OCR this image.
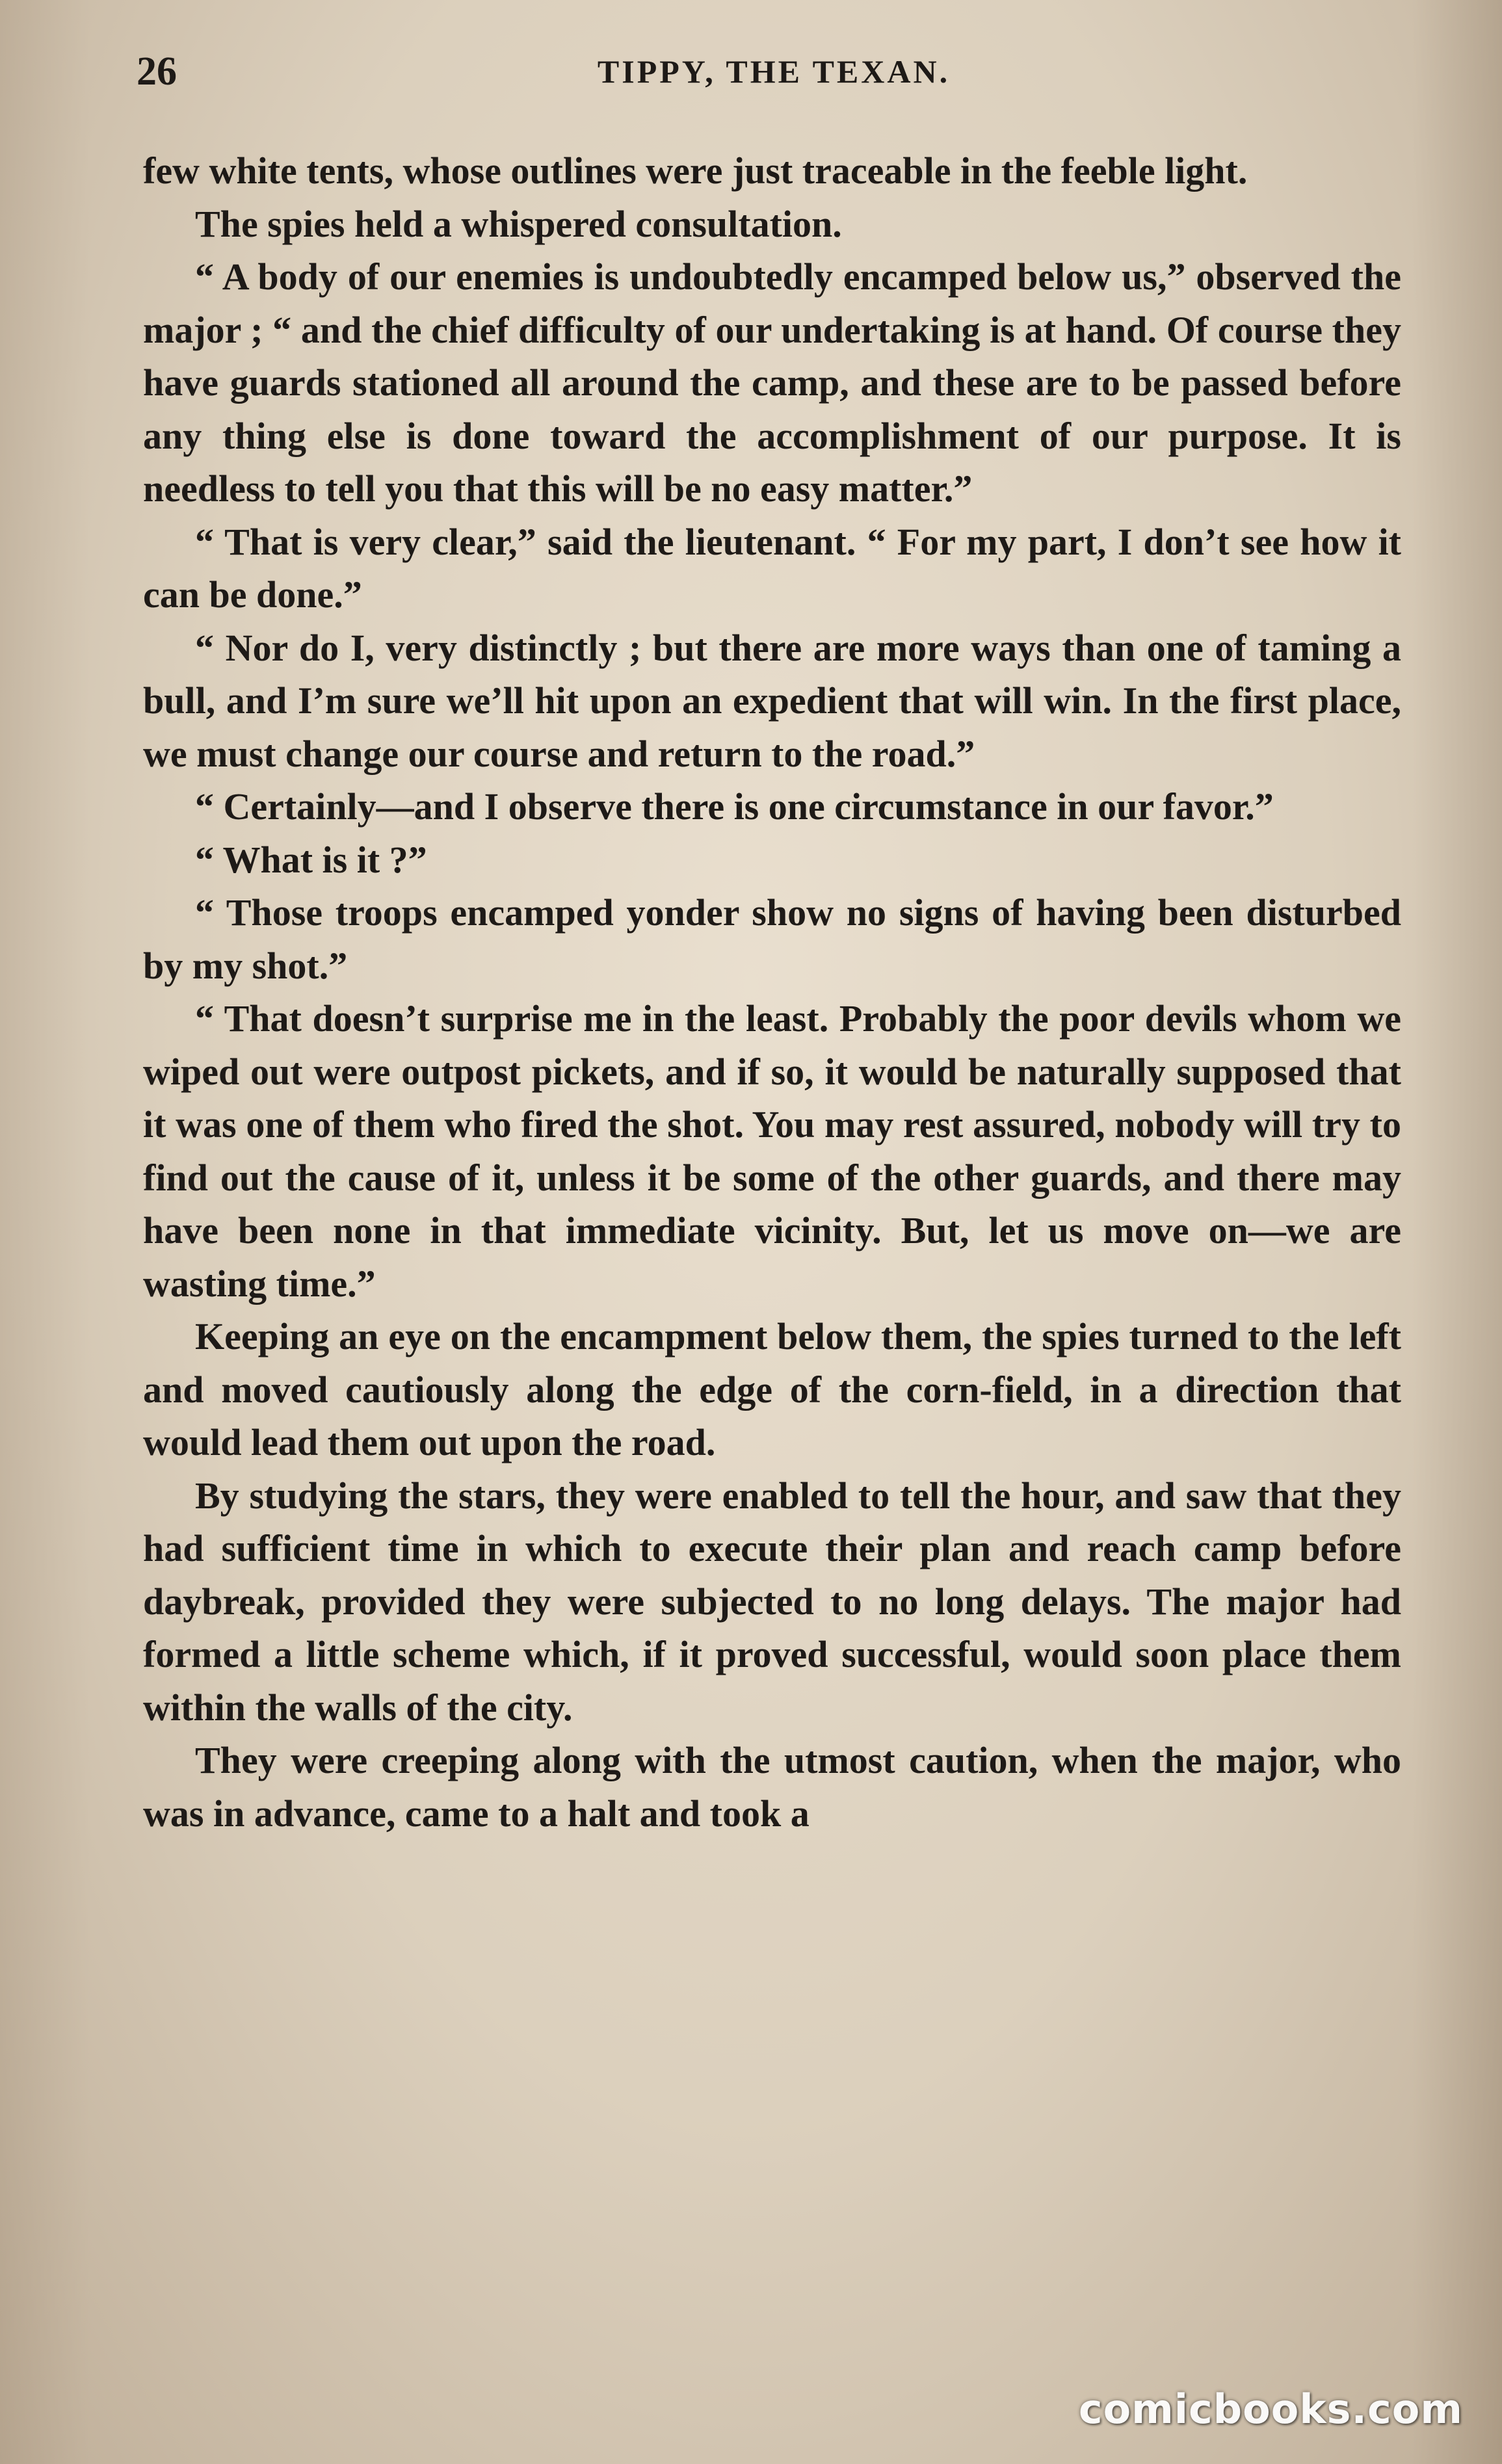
26	TIPPY, THE TEXAN.

few white tents, whose outlines were just traceable in the feeble light.

The spies held a whispered consultation.

“ A body of our enemies is undoubtedly encamped below us,” observed the major ; “ and the chief difficulty of our undertaking is at hand. Of course they have guards stationed all around the camp, and these are to be passed before any thing else is done toward the accomplishment of our purpose. It is needless to tell you that this will be no easy matter.”

“ That is very clear,” said the lieutenant. “ For my part, I don’t see how it can be done.”

“ Nor do I, very distinctly ; but there are more ways than one of taming a bull, and I’m sure we’ll hit upon an expedient that will win. In the first place, we must change our course and return to the road.”

“ Certainly—and I observe there is one circumstance in our favor.”

“ What is it ?”

“ Those troops encamped yonder show no signs of having been disturbed by my shot.”

“ That doesn’t surprise me in the least. Probably the poor devils whom we wiped out were outpost pickets, and if so, it would be naturally supposed that it was one of them who fired the shot. You may rest assured, nobody will try to find out the cause of it, unless it be some of the other guards, and there may have been none in that immediate vicinity. But, let us move on—we are wasting time.”

Keeping an eye on the encampment below them, the spies turned to the left and moved cautiously along the edge of the corn-field, in a direction that would lead them out upon the road.

By studying the stars, they were enabled to tell the hour, and saw that they had sufficient time in which to execute their plan and reach camp before daybreak, provided they were subjected to no long delays. The major had formed a little scheme which, if it proved successful, would soon place them within the walls of the city.

They were creeping along with the utmost caution, when the major, who was in advance, came to a halt and took a

comicbooks.com
